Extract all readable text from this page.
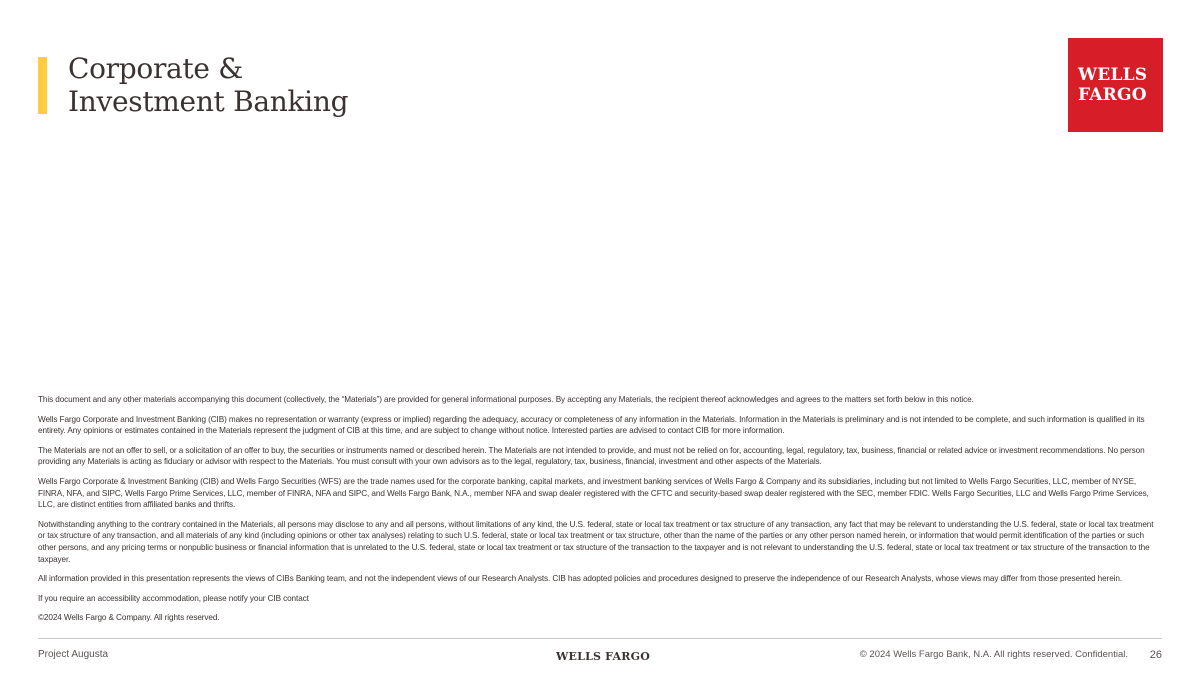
Corporate &
Investment Banking
WELLS
FARGO

This document and any other materials accompanying this document (collectively, the “Materials”) are provided for general informational purposes. By accepting any Materials, the recipient thereof acknowledges and agrees to the matters set forth below in this notice.

Wells Fargo Corporate and Investment Banking (CIB) makes no representation or warranty (express or implied) regarding the adequacy, accuracy or completeness of any information in the Materials. Information in the Materials is preliminary and is not intended to be complete, and such information is qualified in its entirety. Any opinions or estimates contained in the Materials represent the judgment of CIB at this time, and are subject to change without notice. Interested parties are advised to contact CIB for more information.

The Materials are not an offer to sell, or a solicitation of an offer to buy, the securities or instruments named or described herein. The Materials are not intended to provide, and must not be relied on for, accounting, legal, regulatory, tax, business, financial or related advice or investment recommendations. No person providing any Materials is acting as fiduciary or advisor with respect to the Materials. You must consult with your own advisors as to the legal, regulatory, tax, business, financial, investment and other aspects of the Materials.

Wells Fargo Corporate & Investment Banking (CIB) and Wells Fargo Securities (WFS) are the trade names used for the corporate banking, capital markets, and investment banking services of Wells Fargo & Company and its subsidiaries, including but not limited to Wells Fargo Securities, LLC, member of NYSE, FINRA, NFA, and SIPC, Wells Fargo Prime Services, LLC, member of FINRA, NFA and SIPC, and Wells Fargo Bank, N.A., member NFA and swap dealer registered with the CFTC and security-based swap dealer registered with the SEC, member FDIC. Wells Fargo Securities, LLC and Wells Fargo Prime Services, LLC, are distinct entities from affiliated banks and thrifts.

Notwithstanding anything to the contrary contained in the Materials, all persons may disclose to any and all persons, without limitations of any kind, the U.S. federal, state or local tax treatment or tax structure of any transaction, any fact that may be relevant to understanding the U.S. federal, state or local tax treatment or tax structure of any transaction, and all materials of any kind (including opinions or other tax analyses) relating to such U.S. federal, state or local tax treatment or tax structure, other than the name of the parties or any other person named herein, or information that would permit identification of the parties or such other persons, and any pricing terms or nonpublic business or financial information that is unrelated to the U.S. federal, state or local tax treatment or tax structure of the transaction to the taxpayer and is not relevant to understanding the U.S. federal, state or local tax treatment or tax structure of the transaction to the taxpayer.

All information provided in this presentation represents the views of CIBs Banking team, and not the independent views of our Research Analysts. CIB has adopted policies and procedures designed to preserve the independence of our Research Analysts, whose views may differ from those presented herein.

If you require an accessibility accommodation, please notify your CIB contact

©2024 Wells Fargo & Company. All rights reserved.

Project Augusta	WELLS FARGO	© 2024 Wells Fargo Bank, N.A. All rights reserved. Confidential. 26
